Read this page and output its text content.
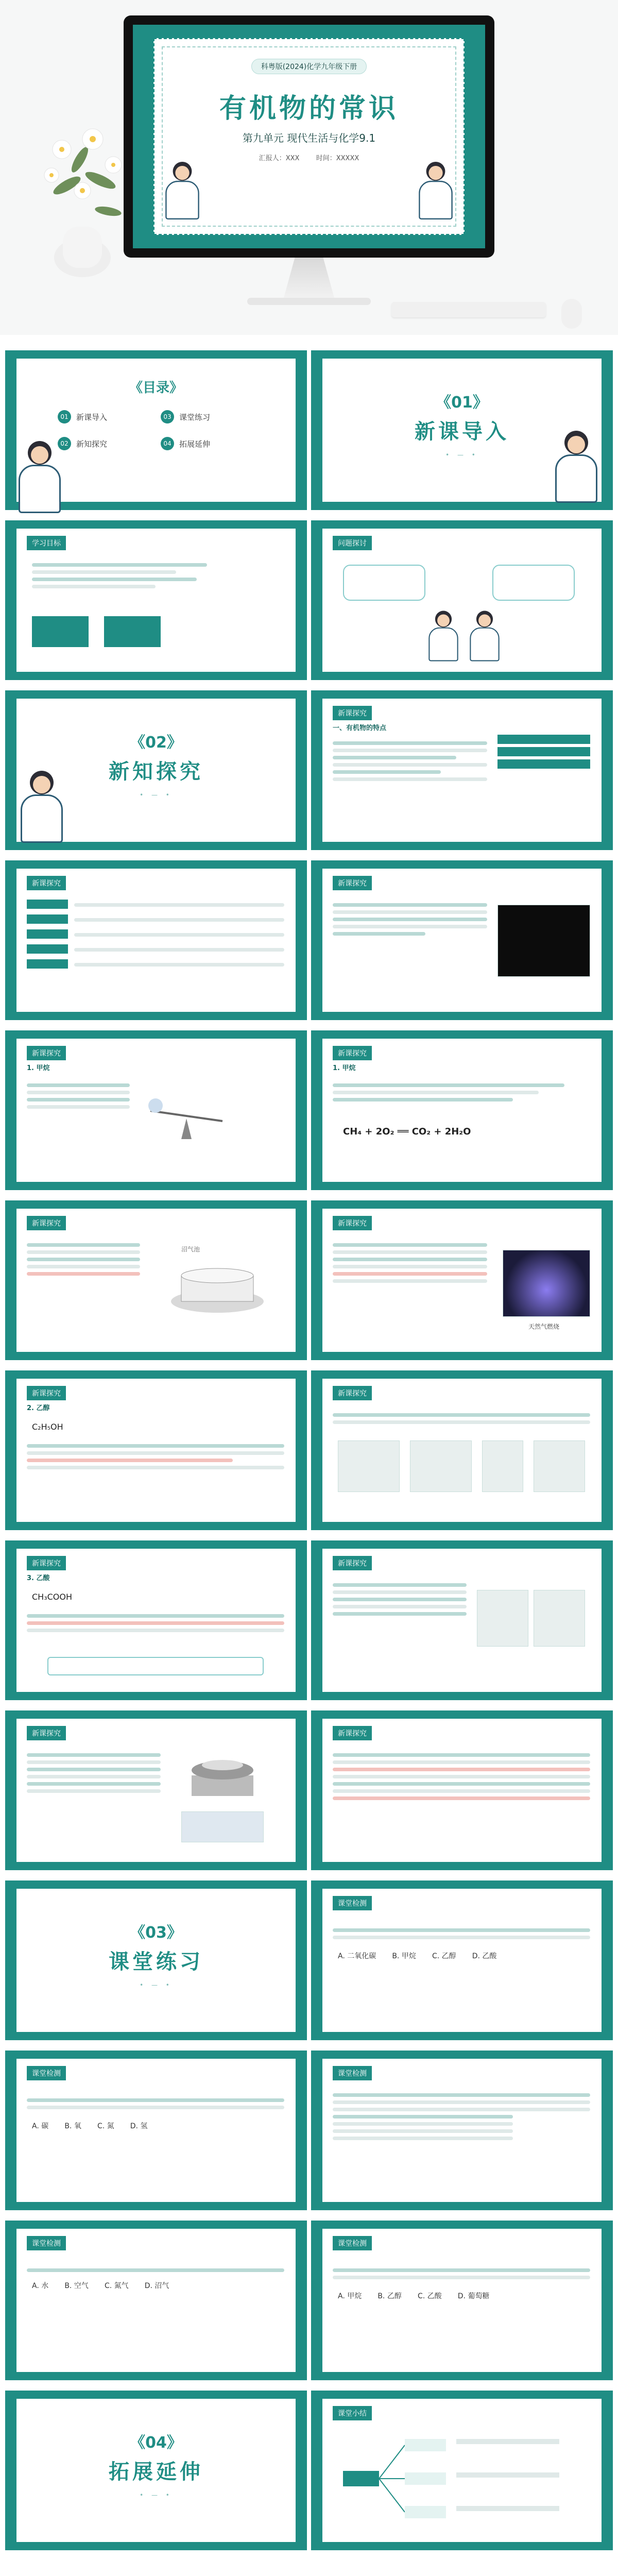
科粤版(2024)化学九年级下册
有机物的常识
第九单元 现代生活与化学9.1
汇报人：XXX 时间：XXXXX
《目录》
01	新课导入	03	课堂练习
02	新知探究	04	拓展延伸
《01》
新课导入
• — •
学习目标	问题探讨
《02》
新知探究
• — •
新课探究
一、有机物的特点
新课探究	新课探究
新课探究
1. 甲烷
新课探究
1. 甲烷
CH₄ + 2O₂ ══ CO₂ + 2H₂O
新课探究
沼气池
新课探究
天然气燃烧
新课探究
2. 乙醇
C₂H₅OH
新课探究
新课探究
3. 乙酸
CH₃COOH
新课探究
新课探究	新课探究
《03》
课堂练习
• — •
课堂检测
A. 二氧化碳 B. 甲烷 C. 乙醇 D. 乙酸
课堂检测
A. 碳 B. 氧 C. 氮 D. 氢
课堂检测
课堂检测
A. 水 B. 空气 C. 氮气 D. 沼气
课堂检测
A. 甲烷 B. 乙醇 C. 乙酸 D. 葡萄糖
《04》
拓展延伸
• — •
课堂小结
